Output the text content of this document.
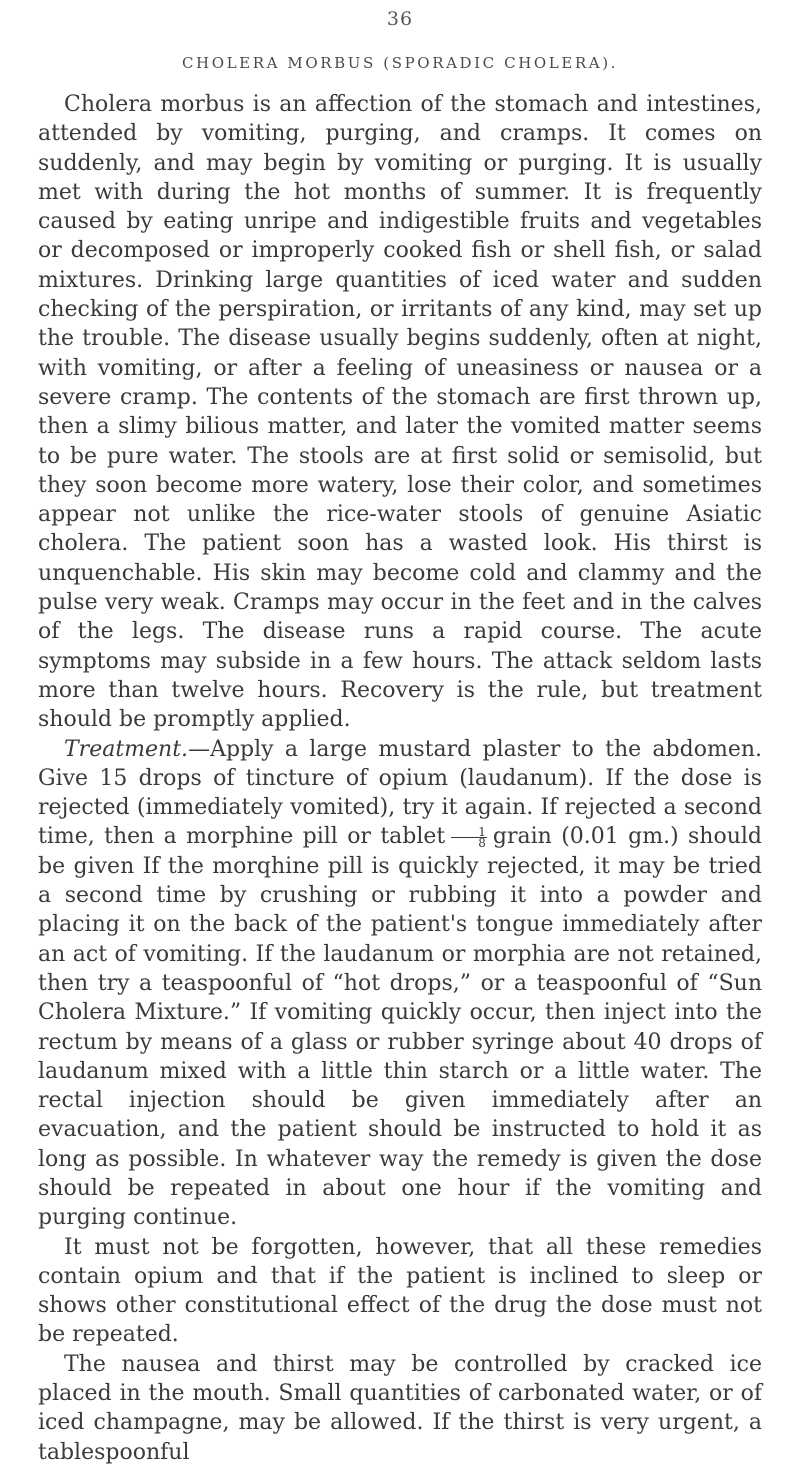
36
CHOLERA MORBUS (SPORADIC CHOLERA).

Cholera morbus is an affection of the stomach and intestines, attended by vomiting, purging, and cramps. It comes on suddenly, and may begin by vomiting or purging. It is usually met with during the hot months of summer. It is frequently caused by eating unripe and indigestible fruits and vegetables or decomposed or improperly cooked fish or shell fish, or salad mixtures. Drinking large quantities of iced water and sudden checking of the perspiration, or irritants of any kind, may set up the trouble. The disease usually begins suddenly, often at night, with vomiting, or after a feeling of uneasiness or nausea or a severe cramp. The contents of the stomach are first thrown up, then a slimy bilious matter, and later the vomited matter seems to be pure water. The stools are at first solid or semisolid, but they soon become more watery, lose their color, and sometimes appear not unlike the rice-water stools of genuine Asiatic cholera. The patient soon has a wasted look. His thirst is unquenchable. His skin may become cold and clammy and the pulse very weak. Cramps may occur in the feet and in the calves of the legs. The disease runs a rapid course. The acute symptoms may subside in a few hours. The attack seldom lasts more than twelve hours. Recovery is the rule, but treatment should be promptly applied.

Treatment.—Apply a large mustard plaster to the abdomen. Give 15 drops of tincture of opium (laudanum). If the dose is rejected (immediately vomited), try it again. If rejected a second time, then a morphine pill or tablet $\frac{1}{8}$ grain (0.01 gm.) should be given If the morqhine pill is quickly rejected, it may be tried a second time by crushing or rubbing it into a powder and placing it on the back of the patient's tongue immediately after an act of vomiting. If the laudanum or morphia are not retained, then try a teaspoonful of “hot drops,” or a teaspoonful of “Sun Cholera Mixture.” If vomiting quickly occur, then inject into the rectum by means of a glass or rubber syringe about 40 drops of laudanum mixed with a little thin starch or a little water. The rectal injection should be given immediately after an evacuation, and the patient should be instructed to hold it as long as possible. In whatever way the remedy is given the dose should be repeated in about one hour if the vomiting and purging continue.

It must not be forgotten, however, that all these remedies contain opium and that if the patient is inclined to sleep or shows other constitutional effect of the drug the dose must not be repeated.

The nausea and thirst may be controlled by cracked ice placed in the mouth. Small quantities of carbonated water, or of iced champagne, may be allowed. If the thirst is very urgent, a tablespoonful
